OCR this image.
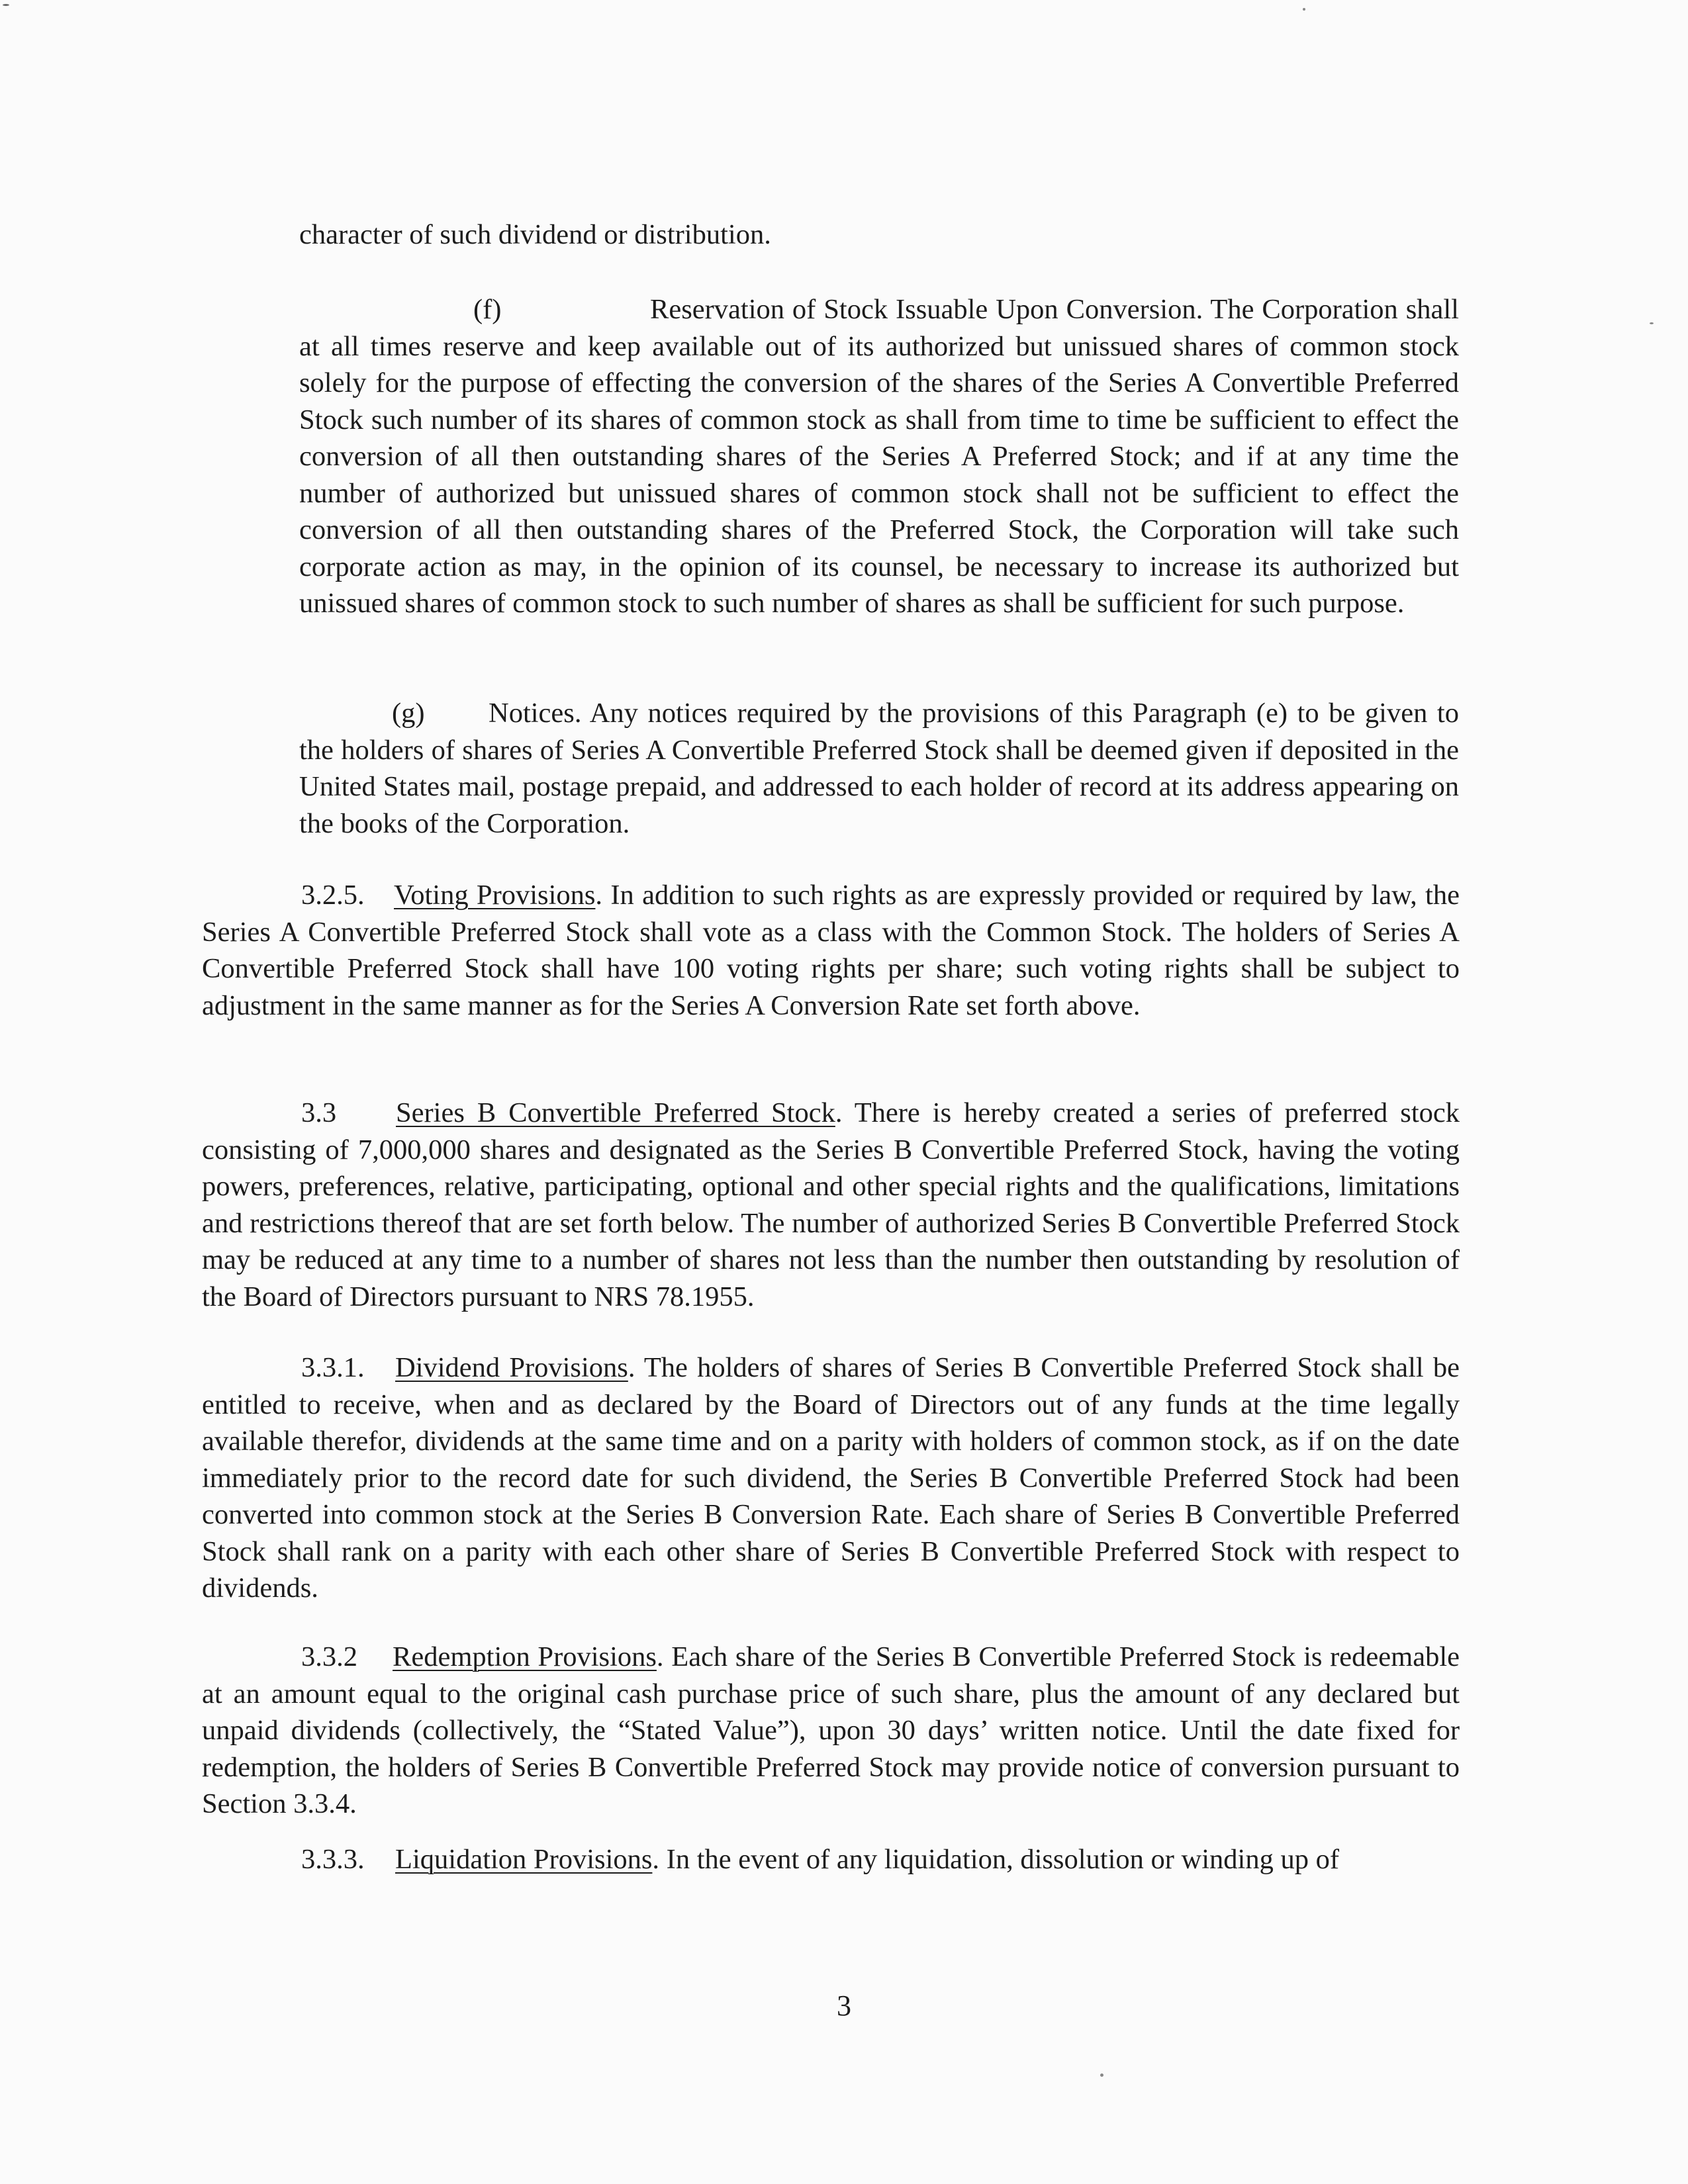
character of such dividend or distribution.

(f)	Reservation of Stock Issuable Upon Conversion. The Corporation shall at all times reserve and keep available out of its authorized but unissued shares of common stock solely for the purpose of effecting the conversion of the shares of the Series A Convertible Preferred Stock such number of its shares of common stock as shall from time to time be sufficient to effect the conversion of all then outstanding shares of the Series A Preferred Stock; and if at any time the number of authorized but unissued shares of common stock shall not be sufficient to effect the conversion of all then outstanding shares of the Preferred Stock, the Corporation will take such corporate action as may, in the opinion of its counsel, be necessary to increase its authorized but unissued shares of common stock to such number of shares as shall be sufficient for such purpose.

(g) Notices. Any notices required by the provisions of this Paragraph (e) to be given to the holders of shares of Series A Convertible Preferred Stock shall be deemed given if deposited in the United States mail, postage prepaid, and addressed to each holder of record at its address appearing on the books of the Corporation.

3.2.5. Voting Provisions. In addition to such rights as are expressly provided or required by law, the Series A Convertible Preferred Stock shall vote as a class with the Common Stock. The holders of Series A Convertible Preferred Stock shall have 100 voting rights per share; such voting rights shall be subject to adjustment in the same manner as for the Series A Conversion Rate set forth above.

3.3 Series B Convertible Preferred Stock. There is hereby created a series of preferred stock consisting of 7,000,000 shares and designated as the Series B Convertible Preferred Stock, having the voting powers, preferences, relative, participating, optional and other special rights and the qualifications, limitations and restrictions thereof that are set forth below. The number of authorized Series B Convertible Preferred Stock may be reduced at any time to a number of shares not less than the number then outstanding by resolution of the Board of Directors pursuant to NRS 78.1955.

3.3.1. Dividend Provisions. The holders of shares of Series B Convertible Preferred Stock shall be entitled to receive, when and as declared by the Board of Directors out of any funds at the time legally available therefor, dividends at the same time and on a parity with holders of common stock, as if on the date immediately prior to the record date for such dividend, the Series B Convertible Preferred Stock had been converted into common stock at the Series B Conversion Rate. Each share of Series B Convertible Preferred Stock shall rank on a parity with each other share of Series B Convertible Preferred Stock with respect to dividends.

3.3.2 Redemption Provisions. Each share of the Series B Convertible Preferred Stock is redeemable at an amount equal to the original cash purchase price of such share, plus the amount of any declared but unpaid dividends (collectively, the “Stated Value”), upon 30 days’ written notice. Until the date fixed for redemption, the holders of Series B Convertible Preferred Stock may provide notice of conversion pursuant to Section 3.3.4.

3.3.3. Liquidation Provisions. In the event of any liquidation, dissolution or winding up of

3
